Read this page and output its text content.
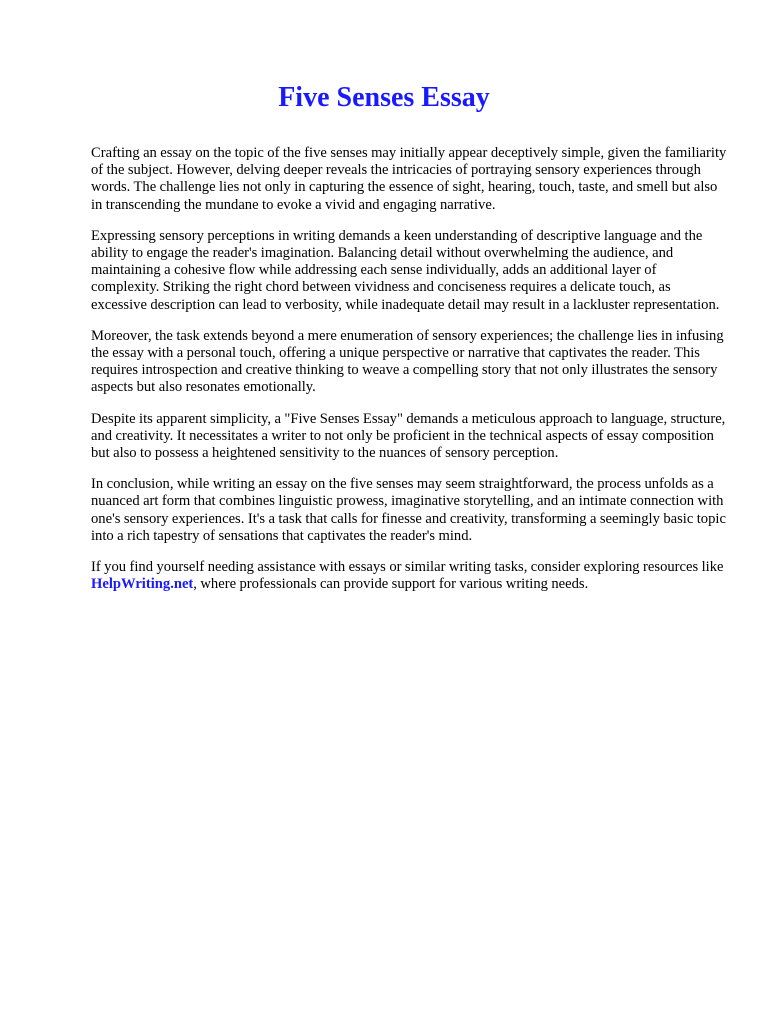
Five Senses Essay

Crafting an essay on the topic of the five senses may initially appear deceptively simple, given the familiarity of the subject. However, delving deeper reveals the intricacies of portraying sensory experiences through words. The challenge lies not only in capturing the essence of sight, hearing, touch, taste, and smell but also in transcending the mundane to evoke a vivid and engaging narrative.

Expressing sensory perceptions in writing demands a keen understanding of descriptive language and the ability to engage the reader's imagination. Balancing detail without overwhelming the audience, and maintaining a cohesive flow while addressing each sense individually, adds an additional layer of complexity. Striking the right chord between vividness and conciseness requires a delicate touch, as excessive description can lead to verbosity, while inadequate detail may result in a lackluster representation.

Moreover, the task extends beyond a mere enumeration of sensory experiences; the challenge lies in infusing the essay with a personal touch, offering a unique perspective or narrative that captivates the reader. This requires introspection and creative thinking to weave a compelling story that not only illustrates the sensory aspects but also resonates emotionally.

Despite its apparent simplicity, a "Five Senses Essay" demands a meticulous approach to language, structure, and creativity. It necessitates a writer to not only be proficient in the technical aspects of essay composition but also to possess a heightened sensitivity to the nuances of sensory perception.

In conclusion, while writing an essay on the five senses may seem straightforward, the process unfolds as a nuanced art form that combines linguistic prowess, imaginative storytelling, and an intimate connection with one's sensory experiences. It's a task that calls for finesse and creativity, transforming a seemingly basic topic into a rich tapestry of sensations that captivates the reader's mind.

If you find yourself needing assistance with essays or similar writing tasks, consider exploring resources like HelpWriting.net, where professionals can provide support for various writing needs.
